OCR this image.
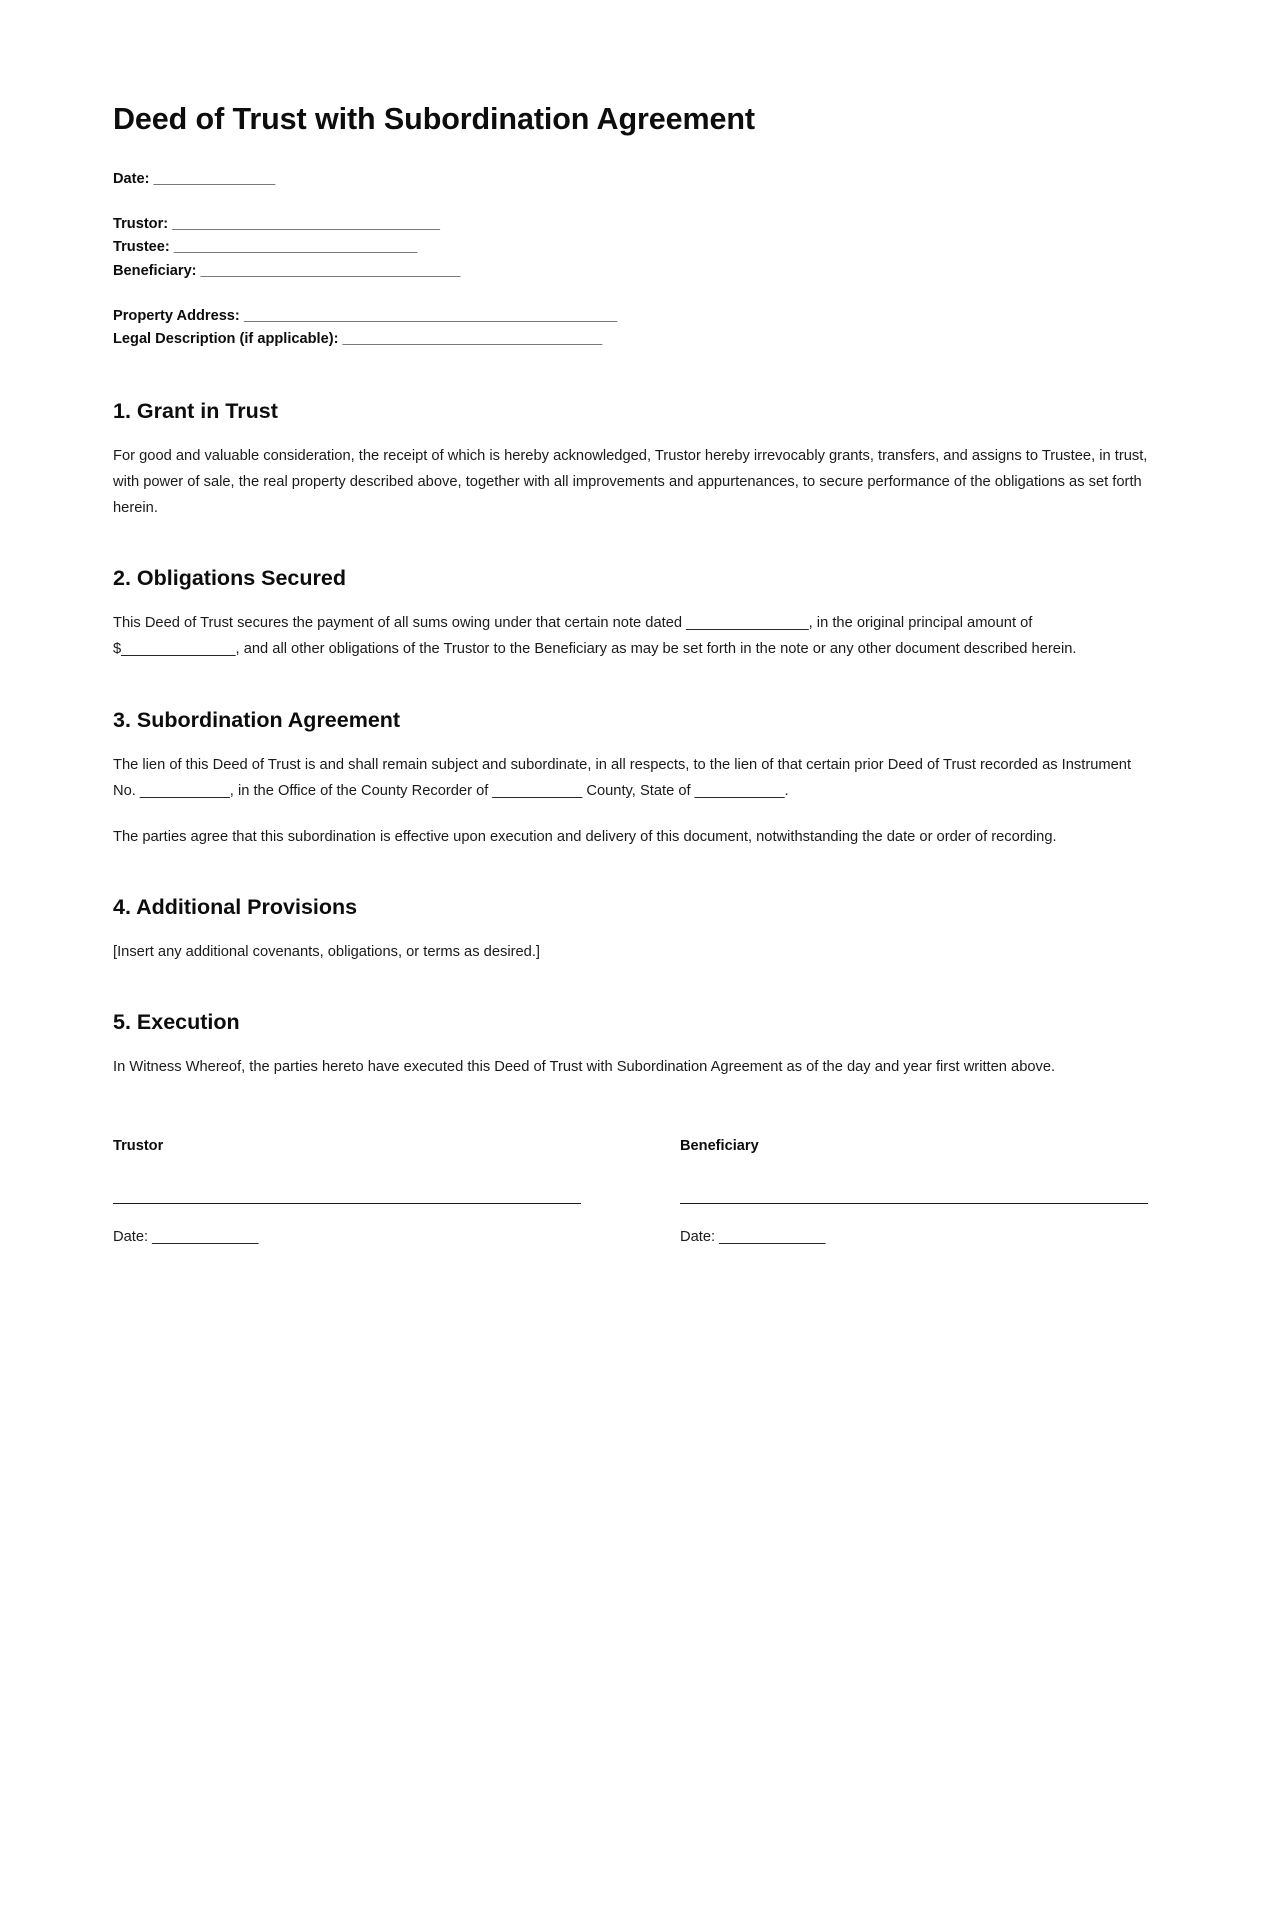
Deed of Trust with Subordination Agreement
Date: _______________
Trustor: _________________________________
Trustee: ______________________________
Beneficiary: ________________________________
Property Address: ______________________________________________
Legal Description (if applicable): ________________________________
1. Grant in Trust

For good and valuable consideration, the receipt of which is hereby acknowledged, Trustor hereby irrevocably grants, transfers, and assigns to Trustee, in trust, with power of sale, the real property described above, together with all improvements and appurtenances, to secure performance of the obligations as set forth herein.

2. Obligations Secured

This Deed of Trust secures the payment of all sums owing under that certain note dated _______________, in the original principal amount of $______________, and all other obligations of the Trustor to the Beneficiary as may be set forth in the note or any other document described herein.

3. Subordination Agreement

The lien of this Deed of Trust is and shall remain subject and subordinate, in all respects, to the lien of that certain prior Deed of Trust recorded as Instrument No. ___________, in the Office of the County Recorder of ___________ County, State of ___________.

The parties agree that this subordination is effective upon execution and delivery of this document, notwithstanding the date or order of recording.

4. Additional Provisions

[Insert any additional covenants, obligations, or terms as desired.]

5. Execution

In Witness Whereof, the parties hereto have executed this Deed of Trust with Subordination Agreement as of the day and year first written above.

Trustor
Date: _____________
Beneficiary
Date: _____________
